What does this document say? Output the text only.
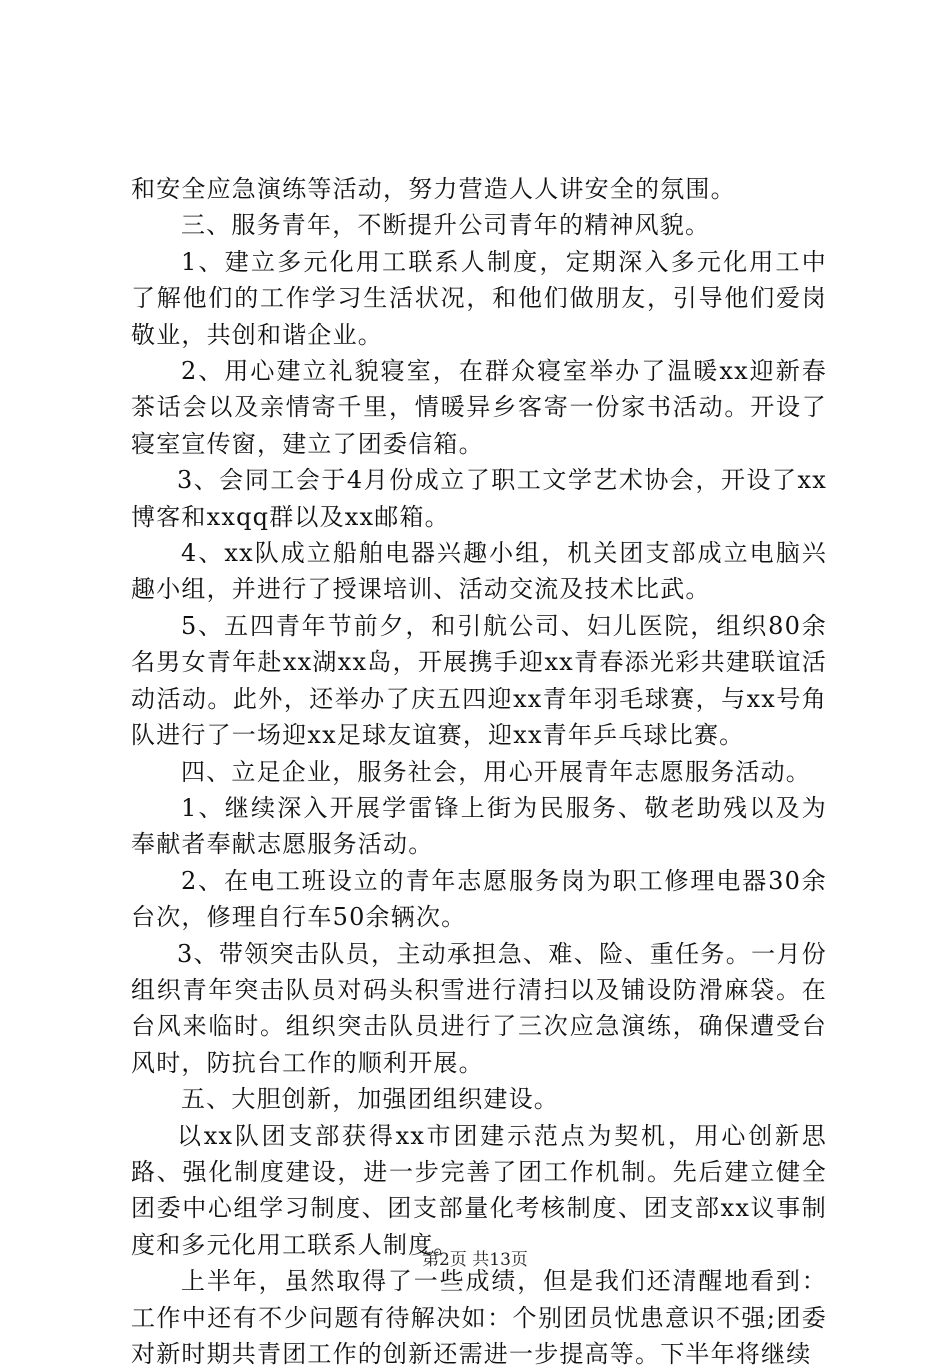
和安全应急演练等活动，努力营造人人讲安全的氛围。

三、服务青年，不断提升公司青年的精神风貌。

1、建立多元化用工联系人制度，定期深入多元化用工中了解他们的工作学习生活状况，和他们做朋友，引导他们爱岗敬业，共创和谐企业。

2、用心建立礼貌寝室，在群众寝室举办了温暖xx迎新春茶话会以及亲情寄千里，情暖异乡客寄一份家书活动。开设了寝室宣传窗，建立了团委信箱。

3、会同工会于4月份成立了职工文学艺术协会，开设了xx博客和xxqq群以及xx邮箱。

4、xx队成立船舶电器兴趣小组，机关团支部成立电脑兴趣小组，并进行了授课培训、活动交流及技术比武。

5、五四青年节前夕，和引航公司、妇儿医院，组织80余名男女青年赴xx湖xx岛，开展携手迎xx青春添光彩共建联谊活动活动。此外，还举办了庆五四迎xx青年羽毛球赛，与xx号角队进行了一场迎xx足球友谊赛，迎xx青年乒乓球比赛。

四、立足企业，服务社会，用心开展青年志愿服务活动。

1、继续深入开展学雷锋上街为民服务、敬老助残以及为奉献者奉献志愿服务活动。

2、在电工班设立的青年志愿服务岗为职工修理电器30余台次，修理自行车50余辆次。

3、带领突击队员，主动承担急、难、险、重任务。一月份组织青年突击队员对码头积雪进行清扫以及铺设防滑麻袋。在台风来临时。组织突击队员进行了三次应急演练，确保遭受台风时，防抗台工作的顺利开展。

五、大胆创新，加强团组织建设。

以xx队团支部获得xx市团建示范点为契机，用心创新思路、强化制度建设，进一步完善了团工作机制。先后建立健全团委中心组学习制度、团支部量化考核制度、团支部xx议事制度和多元化用工联系人制度。

上半年，虽然取得了一些成绩，但是我们还清醒地看到：工作中还有不少问题有待解决如：个别团员忧患意识不强;团委对新时期共青团工作的创新还需进一步提高等。下半年将继续

第2页 共13页
